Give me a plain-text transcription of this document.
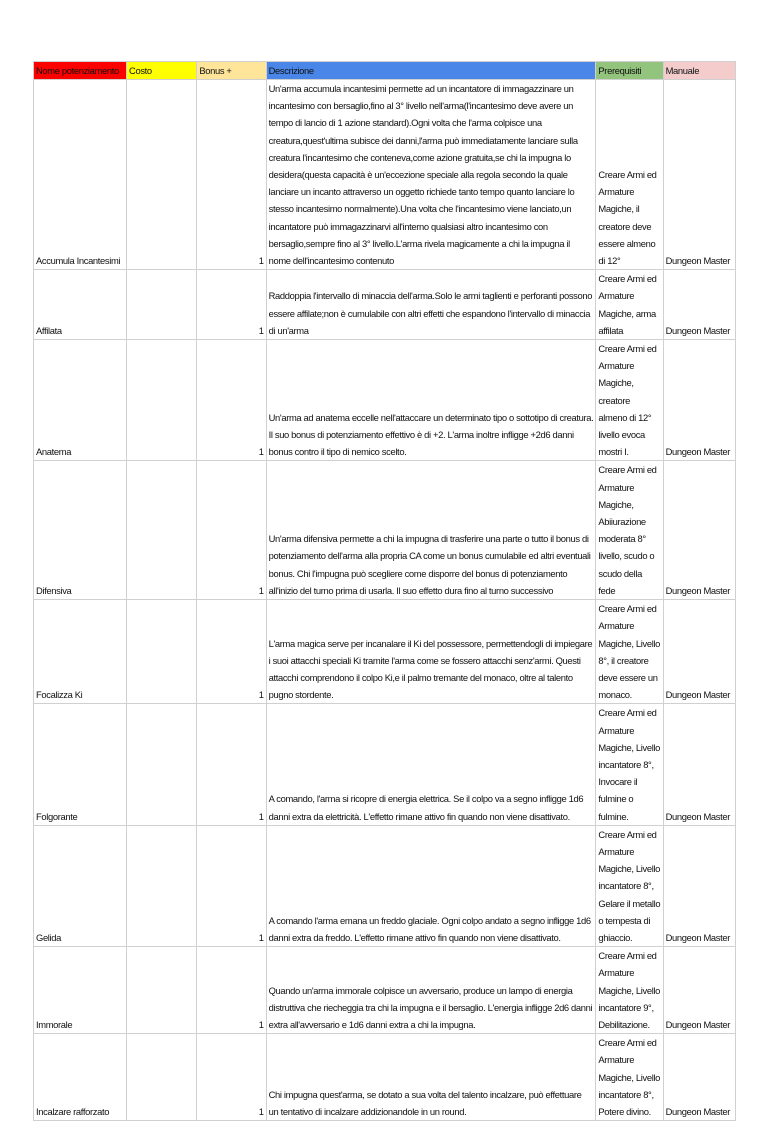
Nome potenziamento	Costo	Bonus +	Descrizione	Prerequisiti	Manuale
Accumula Incantesimi		1	Un'arma accumula incantesimi permette ad un incantatore di immagazzinare un incantesimo con bersaglio,fino al 3° livello nell'arma(l'incantesimo deve avere un tempo di lancio di 1 azione standard).Ogni volta che l'arma colpisce una creatura,quest'ultima subisce dei danni,l'arma può immediatamente lanciare sulla creatura l'incantesimo che conteneva,come azione gratuita,se chi la impugna lo desidera(questa capacità è un'eccezione speciale alla regola secondo la quale lanciare un incanto attraverso un oggetto richiede tanto tempo quanto lanciare lo stesso incantesimo normalmente).Una volta che l'incantesimo viene lanciato,un incantatore può immagazzinarvi all'interno qualsiasi altro incantesimo con bersaglio,sempre fino al 3° livello.L'arma rivela magicamente a chi la impugna il nome dell'incantesimo contenuto	Creare Armi ed Armature Magiche, il creatore deve essere almeno di 12°	Dungeon Master
Affilata		1	Raddoppia l'intervallo di minaccia dell'arma.Solo le armi taglienti e perforanti possono essere affilate;non è cumulabile con altri effetti che espandono l'intervallo di minaccia di un'arma	Creare Armi ed Armature Magiche, arma affilata	Dungeon Master
Anatema		1	Un'arma ad anatema eccelle nell'attaccare un determinato tipo o sottotipo di creatura. Il suo bonus di potenziamento effettivo è di +2. L'arma inoltre infligge +2d6 danni bonus contro il tipo di nemico scelto.	Creare Armi ed Armature Magiche, creatore almeno di 12° livello evoca mostri I.	Dungeon Master
Difensiva		1	Un'arma difensiva permette a chi la impugna di trasferire una parte o tutto il bonus di potenziamento dell'arma alla propria CA come un bonus cumulabile ed altri eventuali bonus. Chi l'impugna può scegliere come disporre del bonus di potenziamento all'inizio del turno prima di usarla. Il suo effetto dura fino al turno successivo	Creare Armi ed Armature Magiche, Abiiurazione moderata 8° livello, scudo o scudo della fede	Dungeon Master
Focalizza Ki		1	L'arma magica serve per incanalare il Ki del possessore, permettendogli di impiegare i suoi attacchi speciali Ki tramite l'arma come se fossero attacchi senz'armi. Questi attacchi comprendono il colpo Ki,e il palmo tremante del monaco, oltre al talento pugno stordente.	Creare Armi ed Armature Magiche, Livello 8°, il creatore deve essere un monaco.	Dungeon Master
Folgorante		1	A comando, l'arma si ricopre di energia elettrica. Se il colpo va a segno infligge 1d6 danni extra da elettricità. L'effetto rimane attivo fin quando non viene disattivato.	Creare Armi ed Armature Magiche, Livello incantatore 8°, Invocare il fulmine o fulmine.	Dungeon Master
Gelida		1	A comando l'arma emana un freddo glaciale. Ogni colpo andato a segno infligge 1d6 danni extra da freddo. L'effetto rimane attivo fin quando non viene disattivato.	Creare Armi ed Armature Magiche, Livello incantatore 8°, Gelare il metallo o tempesta di ghiaccio.	Dungeon Master
Immorale		1	Quando un'arma immorale colpisce un avversario, produce un lampo di energia distruttiva che riecheggia tra chi la impugna e il bersaglio. L'energia infligge 2d6 danni extra all'avversario e 1d6 danni extra a chi la impugna.	Creare Armi ed Armature Magiche, Livello incantatore 9°, Debilitazione.	Dungeon Master
Incalzare rafforzato		1	Chi impugna quest'arma, se dotato a sua volta del talento incalzare, può effettuare un tentativo di incalzare addizionandole in un round.	Creare Armi ed Armature Magiche, Livello incantatore 8°, Potere divino.	Dungeon Master
